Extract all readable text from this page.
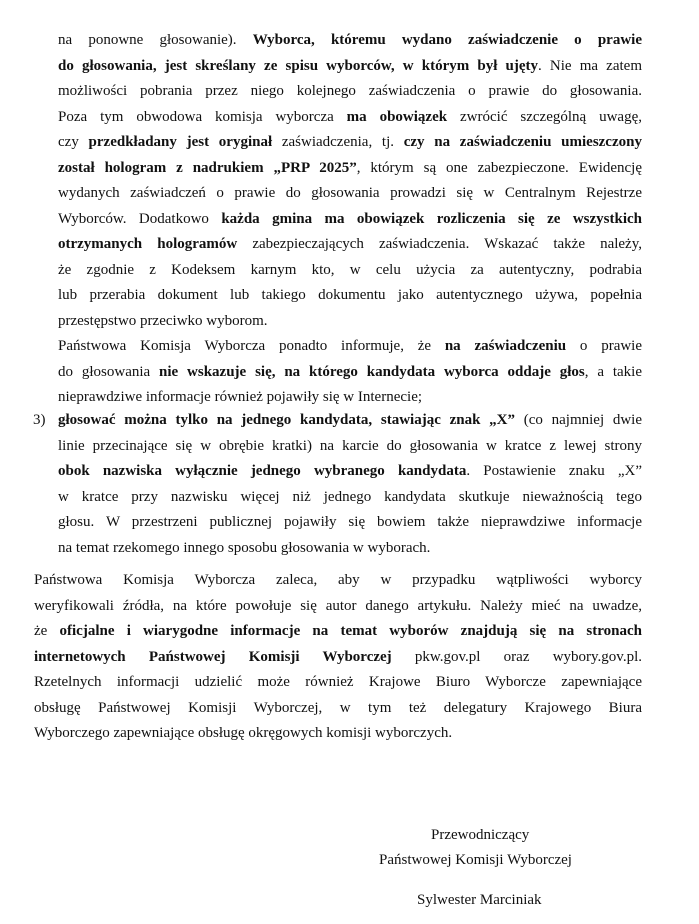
na ponowne głosowanie). Wyborca, któremu wydano zaświadczenie o prawie
do głosowania, jest skreślany ze spisu wyborców, w którym był ujęty. Nie ma zatem
możliwości pobrania przez niego kolejnego zaświadczenia o prawie do głosowania.
Poza tym obwodowa komisja wyborcza ma obowiązek zwrócić szczególną uwagę,
czy przedkładany jest oryginał zaświadczenia, tj. czy na zaświadczeniu umieszczony
został hologram z nadrukiem „PRP 2025”, którym są one zabezpieczone. Ewidencję
wydanych zaświadczeń o prawie do głosowania prowadzi się w Centralnym Rejestrze
Wyborców. Dodatkowo każda gmina ma obowiązek rozliczenia się ze wszystkich
otrzymanych hologramów zabezpieczających zaświadczenia. Wskazać także należy,
że zgodnie z Kodeksem karnym kto, w celu użycia za autentyczny, podrabia
lub przerabia dokument lub takiego dokumentu jako autentycznego używa, popełnia
przestępstwo przeciwko wyborom.
Państwowa Komisja Wyborcza ponadto informuje, że na zaświadczeniu o prawie
do głosowania nie wskazuje się, na którego kandydata wyborca oddaje głos, a takie
nieprawdziwe informacje również pojawiły się w Internecie;
3) głosować można tylko na jednego kandydata, stawiając znak „X” (co najmniej dwie
linie przecinające się w obrębie kratki) na karcie do głosowania w kratce z lewej strony
obok nazwiska wyłącznie jednego wybranego kandydata. Postawienie znaku „X”
w kratce przy nazwisku więcej niż jednego kandydata skutkuje nieważnością tego
głosu. W przestrzeni publicznej pojawiły się bowiem także nieprawdziwe informacje
na temat rzekomego innego sposobu głosowania w wyborach.
Państwowa Komisja Wyborcza zaleca, aby w przypadku wątpliwości wyborcy
weryfikowali źródła, na które powołuje się autor danego artykułu. Należy mieć na uwadze,
że oficjalne i wiarygodne informacje na temat wyborów znajdują się na stronach
internetowych Państwowej Komisji Wyborczej pkw.gov.pl oraz wybory.gov.pl.
Rzetelnych informacji udzielić może również Krajowe Biuro Wyborcze zapewniające
obsługę Państwowej Komisji Wyborczej, w tym też delegatury Krajowego Biura
Wyborczego zapewniające obsługę okręgowych komisji wyborczych.
Przewodniczący
Państwowej Komisji Wyborczej
Sylwester Marciniak
